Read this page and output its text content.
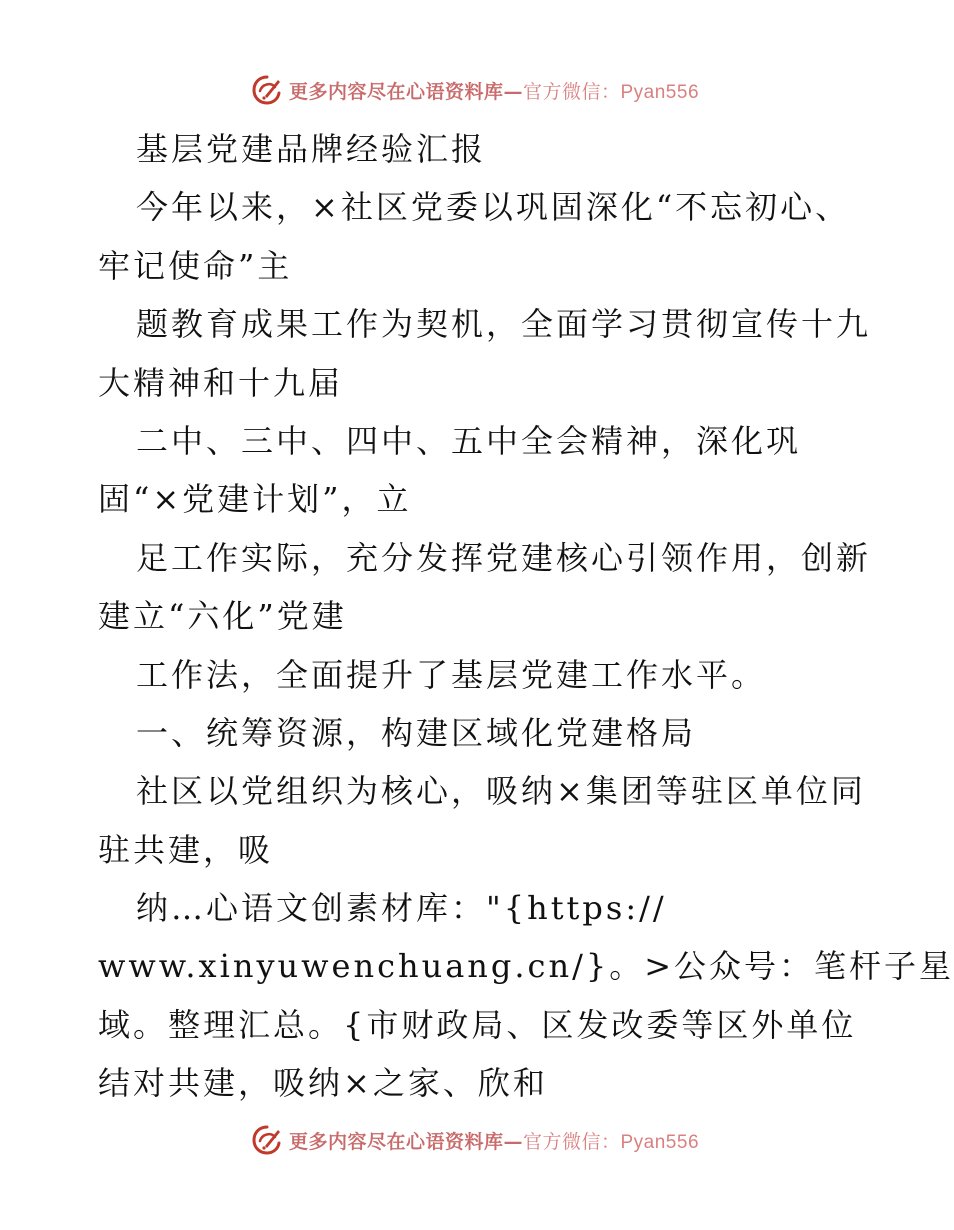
更多内容尽在心语资料库—官方微信：Pyan556
基层党建品牌经验汇报
今年以来，×社区党委以巩固深化“不忘初心、
牢记使命”主
题教育成果工作为契机，全面学习贯彻宣传十九
大精神和十九届
二中、三中、四中、五中全会精神，深化巩
固“×党建计划”，立
足工作实际，充分发挥党建核心引领作用，创新
建立“六化”党建
工作法，全面提升了基层党建工作水平。
一、统筹资源，构建区域化党建格局
社区以党组织为核心，吸纳×集团等驻区单位同
驻共建，吸
纳…心语文创素材库："{https://
www.xinyuwenchuang.cn/}。>公众号：笔杆子星
域。整理汇总。{市财政局、区发改委等区外单位
结对共建，吸纳×之家、欣和
更多内容尽在心语资料库—官方微信：Pyan556
